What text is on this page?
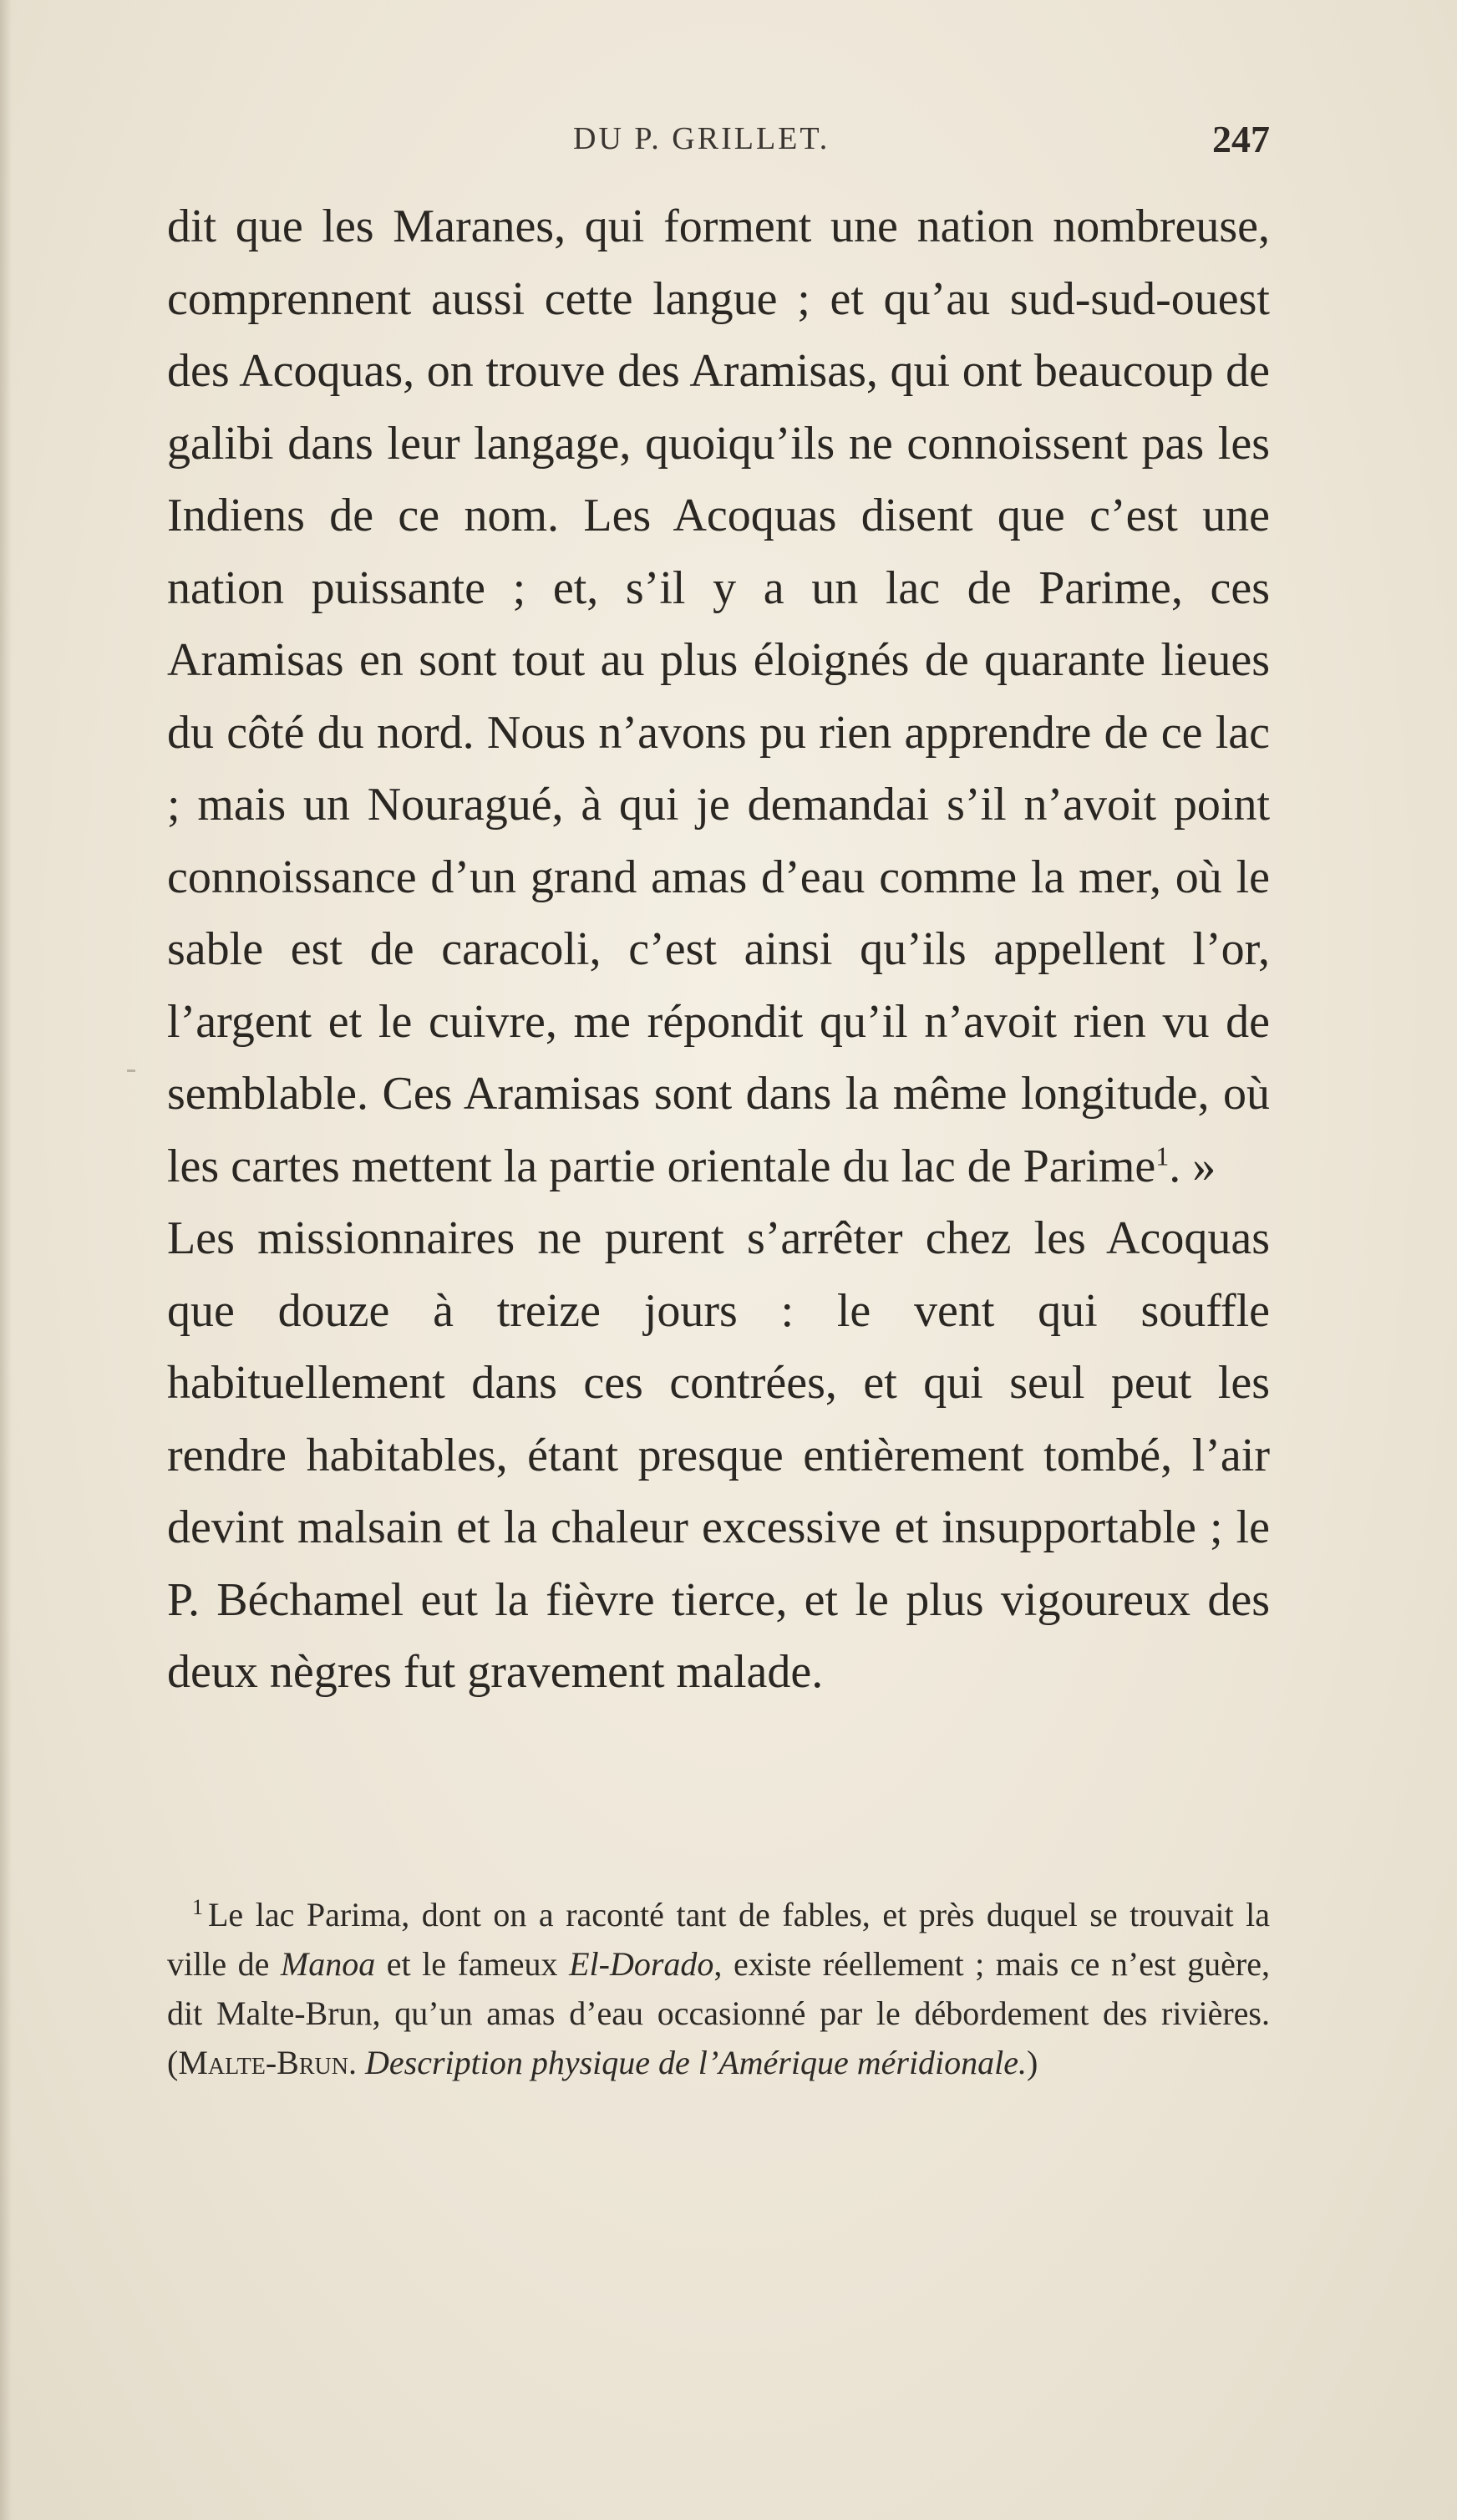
DU P. GRILLET.	247

dit que les Maranes, qui forment une nation nombreuse, comprennent aussi cette langue ; et qu’au sud-sud-ouest des Acoquas, on trouve des Aramisas, qui ont beaucoup de galibi dans leur langage, quoiqu’ils ne connoissent pas les Indiens de ce nom. Les Acoquas disent que c’est une nation puissante ; et, s’il y a un lac de Parime, ces Aramisas en sont tout au plus éloignés de quarante lieues du côté du nord. Nous n’avons pu rien apprendre de ce lac ; mais un Nouragué, à qui je demandai s’il n’avoit point connoissance d’un grand amas d’eau comme la mer, où le sable est de caracoli, c’est ainsi qu’ils appellent l’or, l’argent et le cuivre, me répondit qu’il n’avoit rien vu de semblable. Ces Aramisas sont dans la même longitude, où les cartes mettent la partie orientale du lac de Parime$^1$. »

Les missionnaires ne purent s’arrêter chez les Acoquas que douze à treize jours : le vent qui souffle habituellement dans ces contrées, et qui seul peut les rendre habitables, étant presque entièrement tombé, l’air devint malsain et la chaleur excessive et insupportable ; le P. Béchamel eut la fièvre tierce, et le plus vigoureux des deux nègres fut gravement malade.

$^1$ Le lac Parima, dont on a raconté tant de fables, et près duquel se trouvait la ville de Manoa et le fameux El-Dorado, existe réellement ; mais ce n’est guère, dit Malte-Brun, qu’un amas d’eau occasionné par le débordement des rivières. (Malte-Brun. Description physique de l’Amérique méridionale.)
